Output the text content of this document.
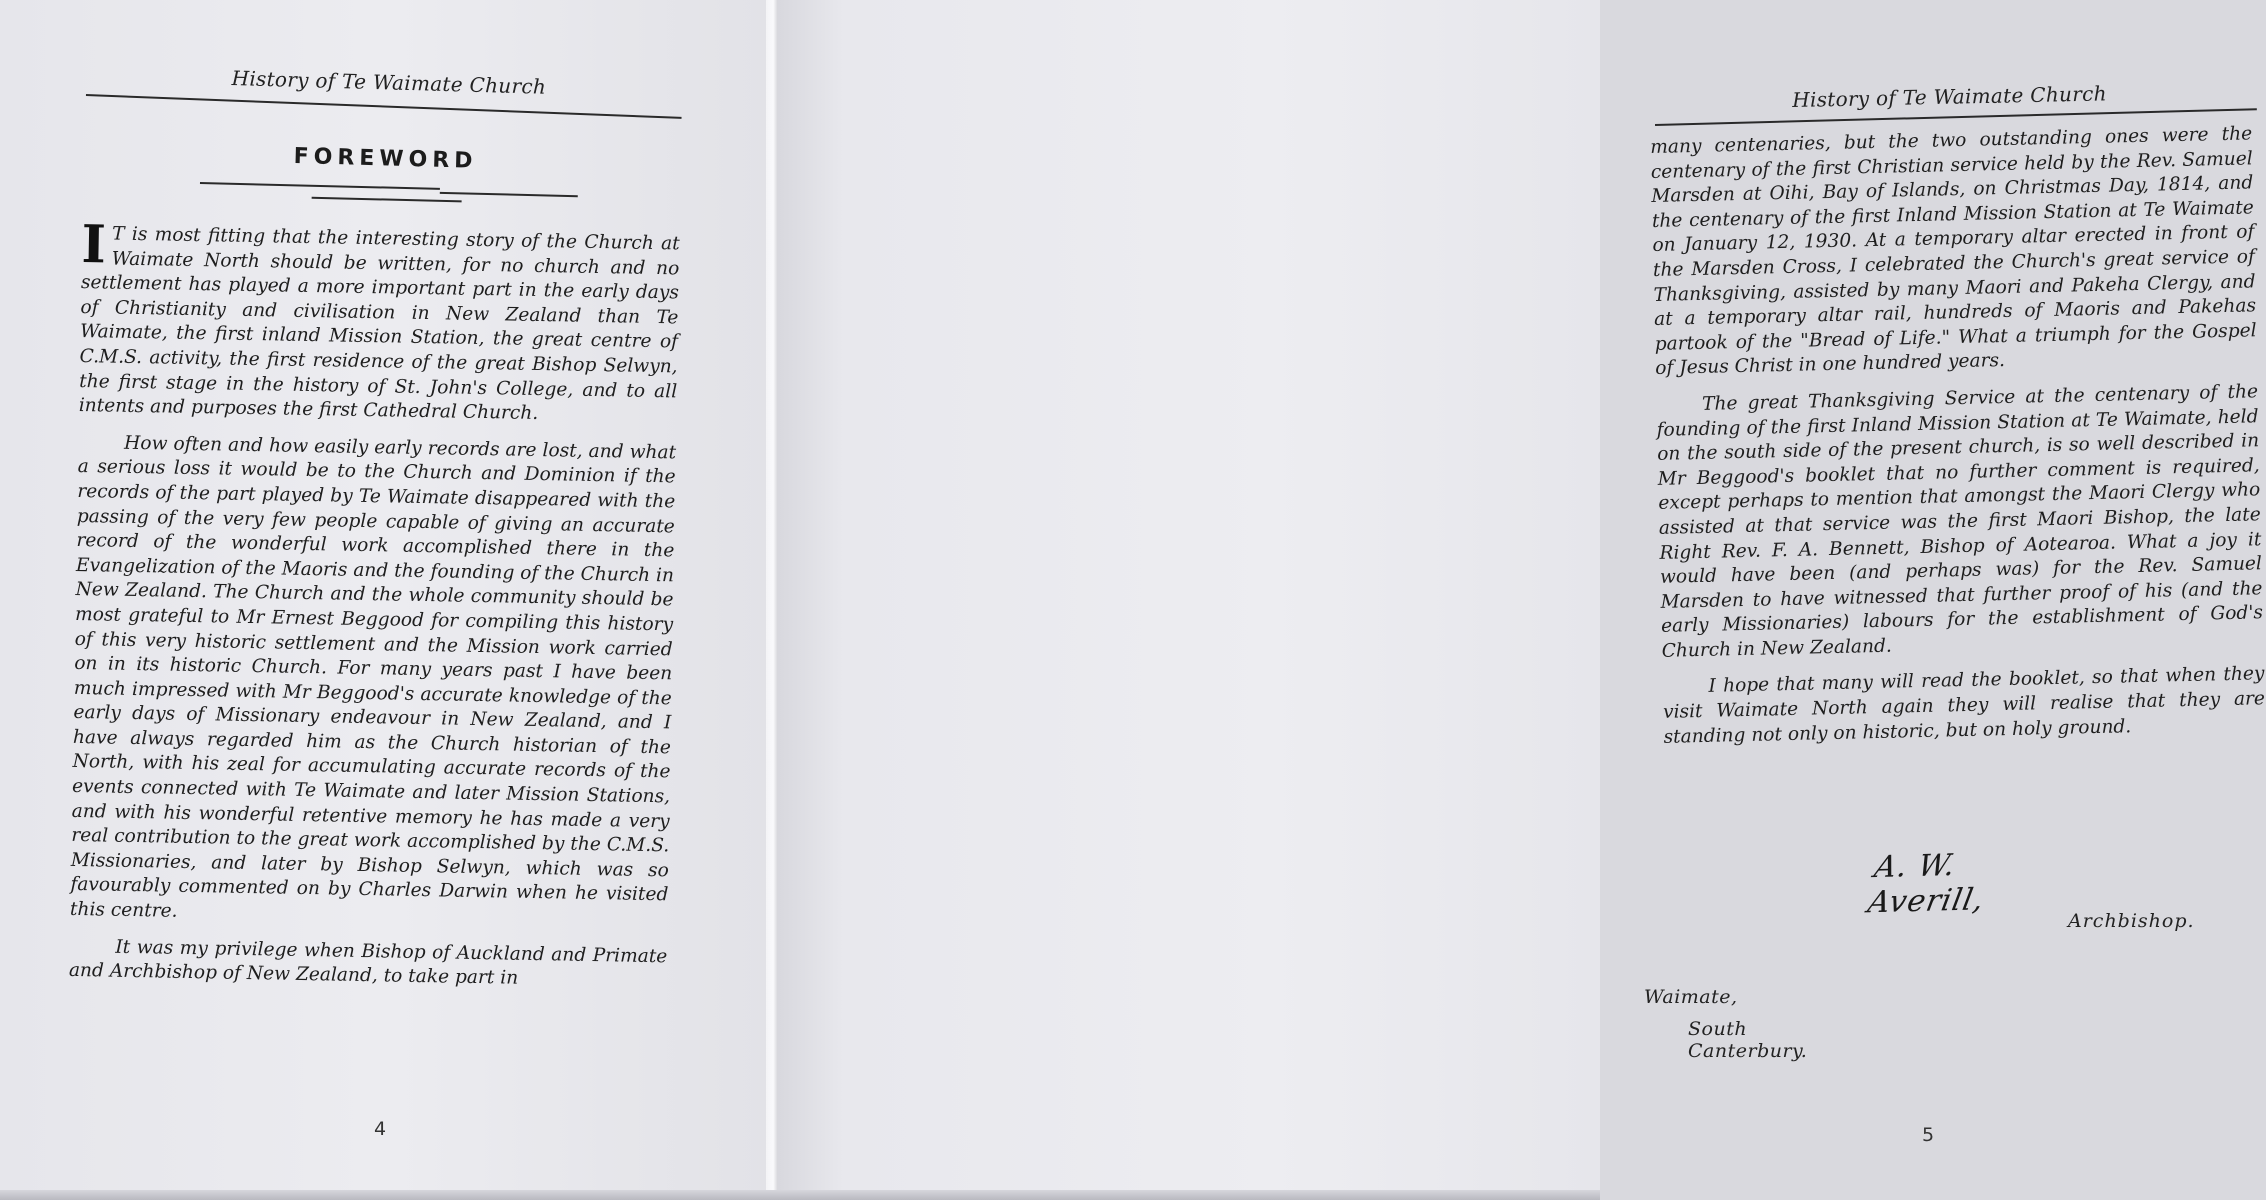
History of Te Waimate Church
FOREWORD

I T is most fitting that the interesting story of the Church at Waimate North should be written, for no church and no settlement has played a more important part in the early days of Christianity and civilisation in New Zealand than Te Waimate, the first inland Mission Station, the great centre of C.M.S. activity, the first residence of the great Bishop Selwyn, the first stage in the history of St. John's College, and to all intents and purposes the first Cathedral Church.

How often and how easily early records are lost, and what a serious loss it would be to the Church and Dominion if the records of the part played by Te Waimate disappeared with the passing of the very few people capable of giving an accurate record of the wonderful work accomplished there in the Evangelization of the Maoris and the founding of the Church in New Zealand. The Church and the whole community should be most grateful to Mr Ernest Beggood for compiling this history of this very historic settlement and the Mission work carried on in its historic Church. For many years past I have been much impressed with Mr Beggood's accurate knowledge of the early days of Missionary endeavour in New Zealand, and I have always regarded him as the Church historian of the North, with his zeal for accumulating accurate records of the events connected with Te Waimate and later Mission Stations, and with his wonderful retentive memory he has made a very real contribution to the great work accomplished by the C.M.S. Missionaries, and later by Bishop Selwyn, which was so favourably commented on by Charles Darwin when he visited this centre.

It was my privilege when Bishop of Auckland and Primate and Archbishop of New Zealand, to take part in

4
History of Te Waimate Church

many centenaries, but the two outstanding ones were the centenary of the first Christian service held by the Rev. Samuel Marsden at Oihi, Bay of Islands, on Christmas Day, 1814, and the centenary of the first Inland Mission Station at Te Waimate on January 12, 1930. At a temporary altar erected in front of the Marsden Cross, I celebrated the Church's great service of Thanksgiving, assisted by many Maori and Pakeha Clergy, and at a temporary altar rail, hundreds of Maoris and Pakehas partook of the "Bread of Life." What a triumph for the Gospel of Jesus Christ in one hundred years.

The great Thanksgiving Service at the centenary of the founding of the first Inland Mission Station at Te Waimate, held on the south side of the present church, is so well described in Mr Beggood's booklet that no further comment is required, except perhaps to mention that amongst the Maori Clergy who assisted at that service was the first Maori Bishop, the late Right Rev. F. A. Bennett, Bishop of Aotearoa. What a joy it would have been (and perhaps was) for the Rev. Samuel Marsden to have witnessed that further proof of his (and the early Missionaries) labours for the establishment of God's Church in New Zealand.

I hope that many will read the booklet, so that when they visit Waimate North again they will realise that they are standing not only on historic, but on holy ground.

A. W. Averill,
Archbishop.
Waimate,
South Canterbury.
5
